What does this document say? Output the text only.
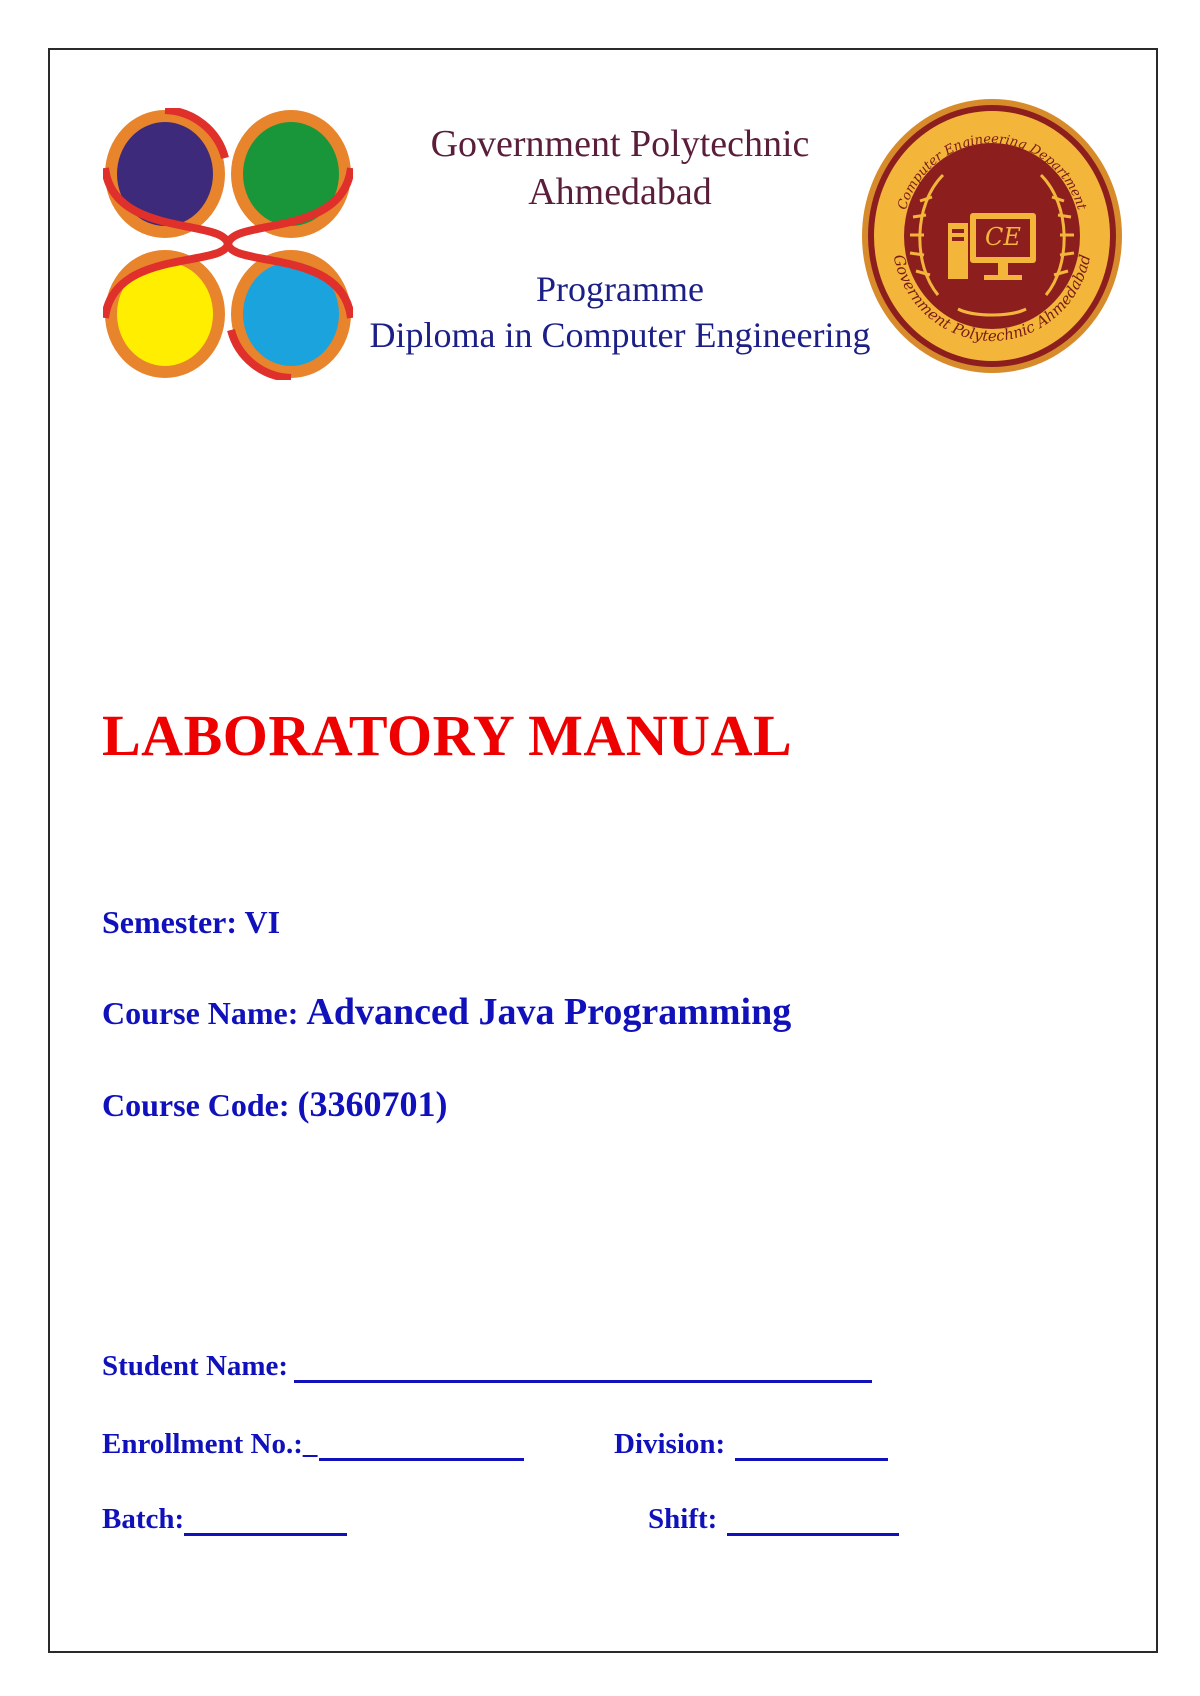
Government Polytechnic
Ahmedabad
Programme
Diploma in Computer Engineering
Computer Engineering Department
Government Polytechnic Ahmedabad
CE
LABORATORY MANUAL
Semester: VI
Course Name: Advanced Java Programming
Course Code: (3360701)
Student Name:
Enrollment No.:_	Division:
Batch:	Shift:
